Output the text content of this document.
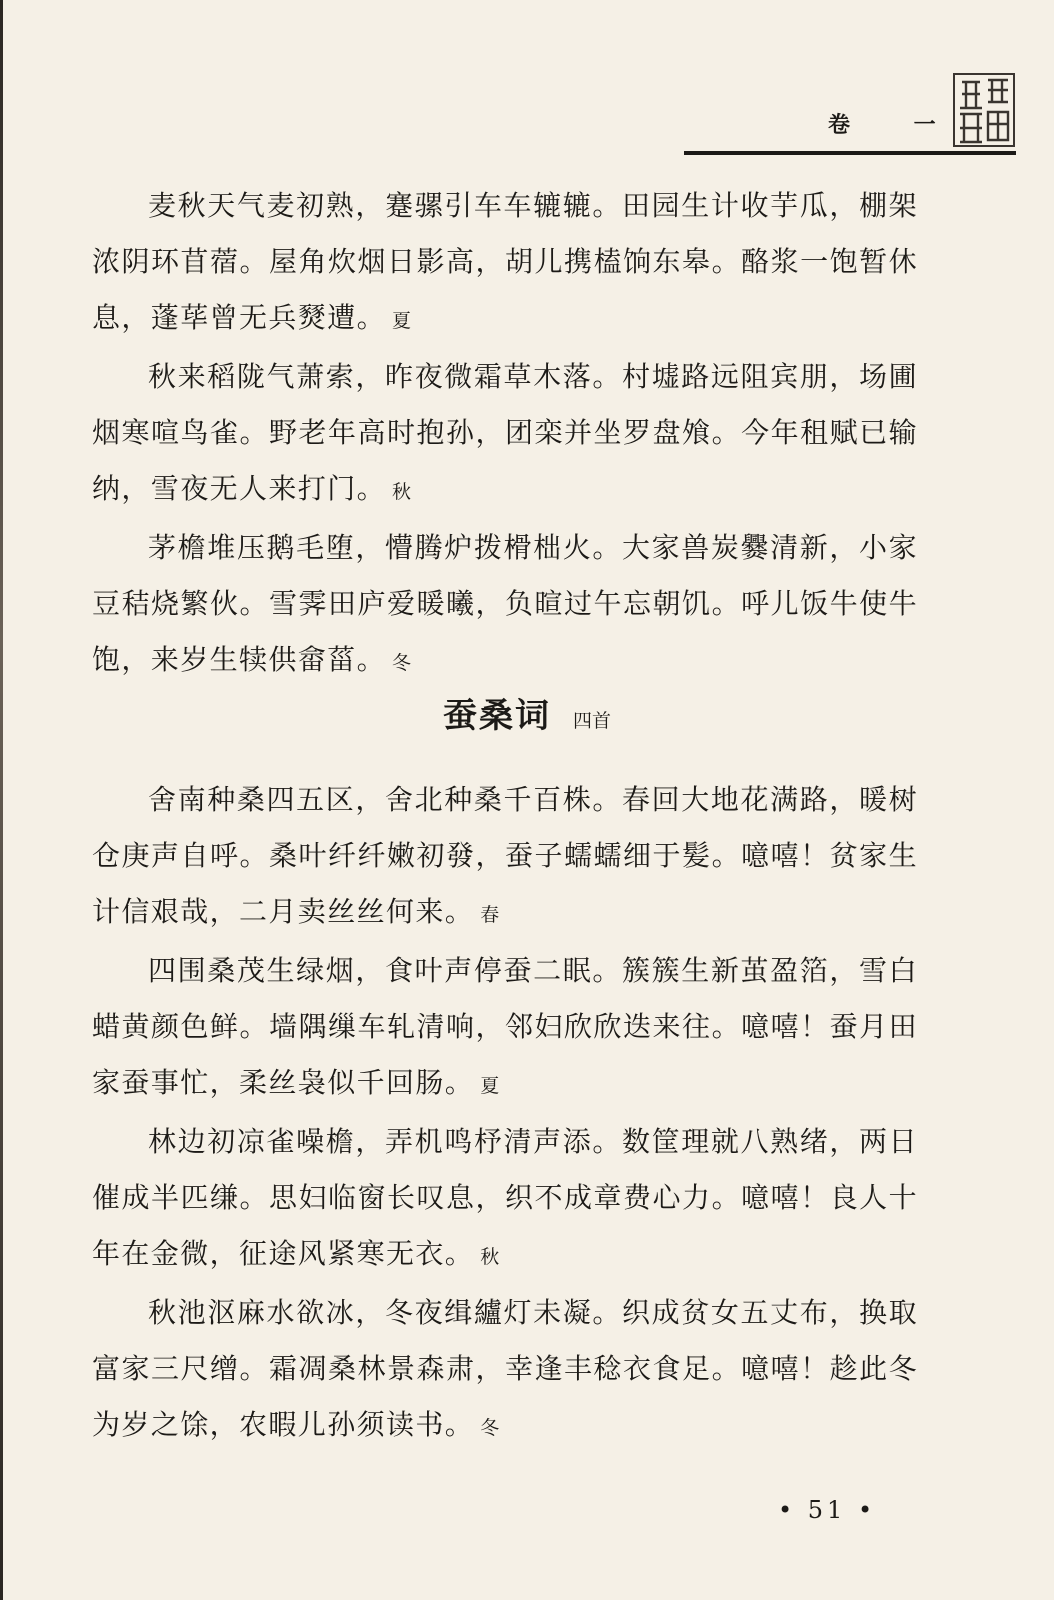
卷 一

麦秋天气麦初熟，蹇骡引车车辘辘。田园生计收芋瓜，棚架浓阴环苜蓿。屋角炊烟日影高，胡儿携榼饷东皋。酪浆一饱暂休息，蓬荜曾无兵燹遭。 夏

秋来稻陇气萧索，昨夜微霜草木落。村墟路远阻宾朋，场圃烟寒喧鸟雀。野老年高时抱孙，团栾并坐罗盘飧。今年租赋已输纳，雪夜无人来打门。 秋

茅檐堆压鹅毛堕，懵腾炉拨榾柮火。大家兽炭爨清新，小家豆秸烧繁伙。雪霁田庐爱暖曦，负暄过午忘朝饥。呼儿饭牛使牛饱，来岁生犊供畲菑。 冬

蚕桑词 四首

舍南种桑四五区，舍北种桑千百株。春回大地花满路，暖树仓庚声自呼。桑叶纤纤嫩初發，蚕子蠕蠕细于髪。噫嘻！贫家生计信艰哉，二月卖丝丝何来。 春

四围桑茂生绿烟，食叶声停蚕二眠。簇簇生新茧盈箔，雪白蜡黄颜色鲜。墙隅缫车轧清响，邻妇欣欣迭来往。噫嘻！蚕月田家蚕事忙，柔丝袅似千回肠。 夏

林边初凉雀噪檐，弄机鸣杼清声添。数筐理就八熟绪，两日催成半匹缣。思妇临窗长叹息，织不成章费心力。噫嘻！良人十年在金微，征途风紧寒无衣。 秋

秋池沤麻水欲冰，冬夜缉纑灯未凝。织成贫女五丈布，换取富家三尺缯。霜凋桑林景森肃，幸逢丰稔衣食足。噫嘻！趁此冬为岁之馀，农暇儿孙须读书。 冬

• 51 •
